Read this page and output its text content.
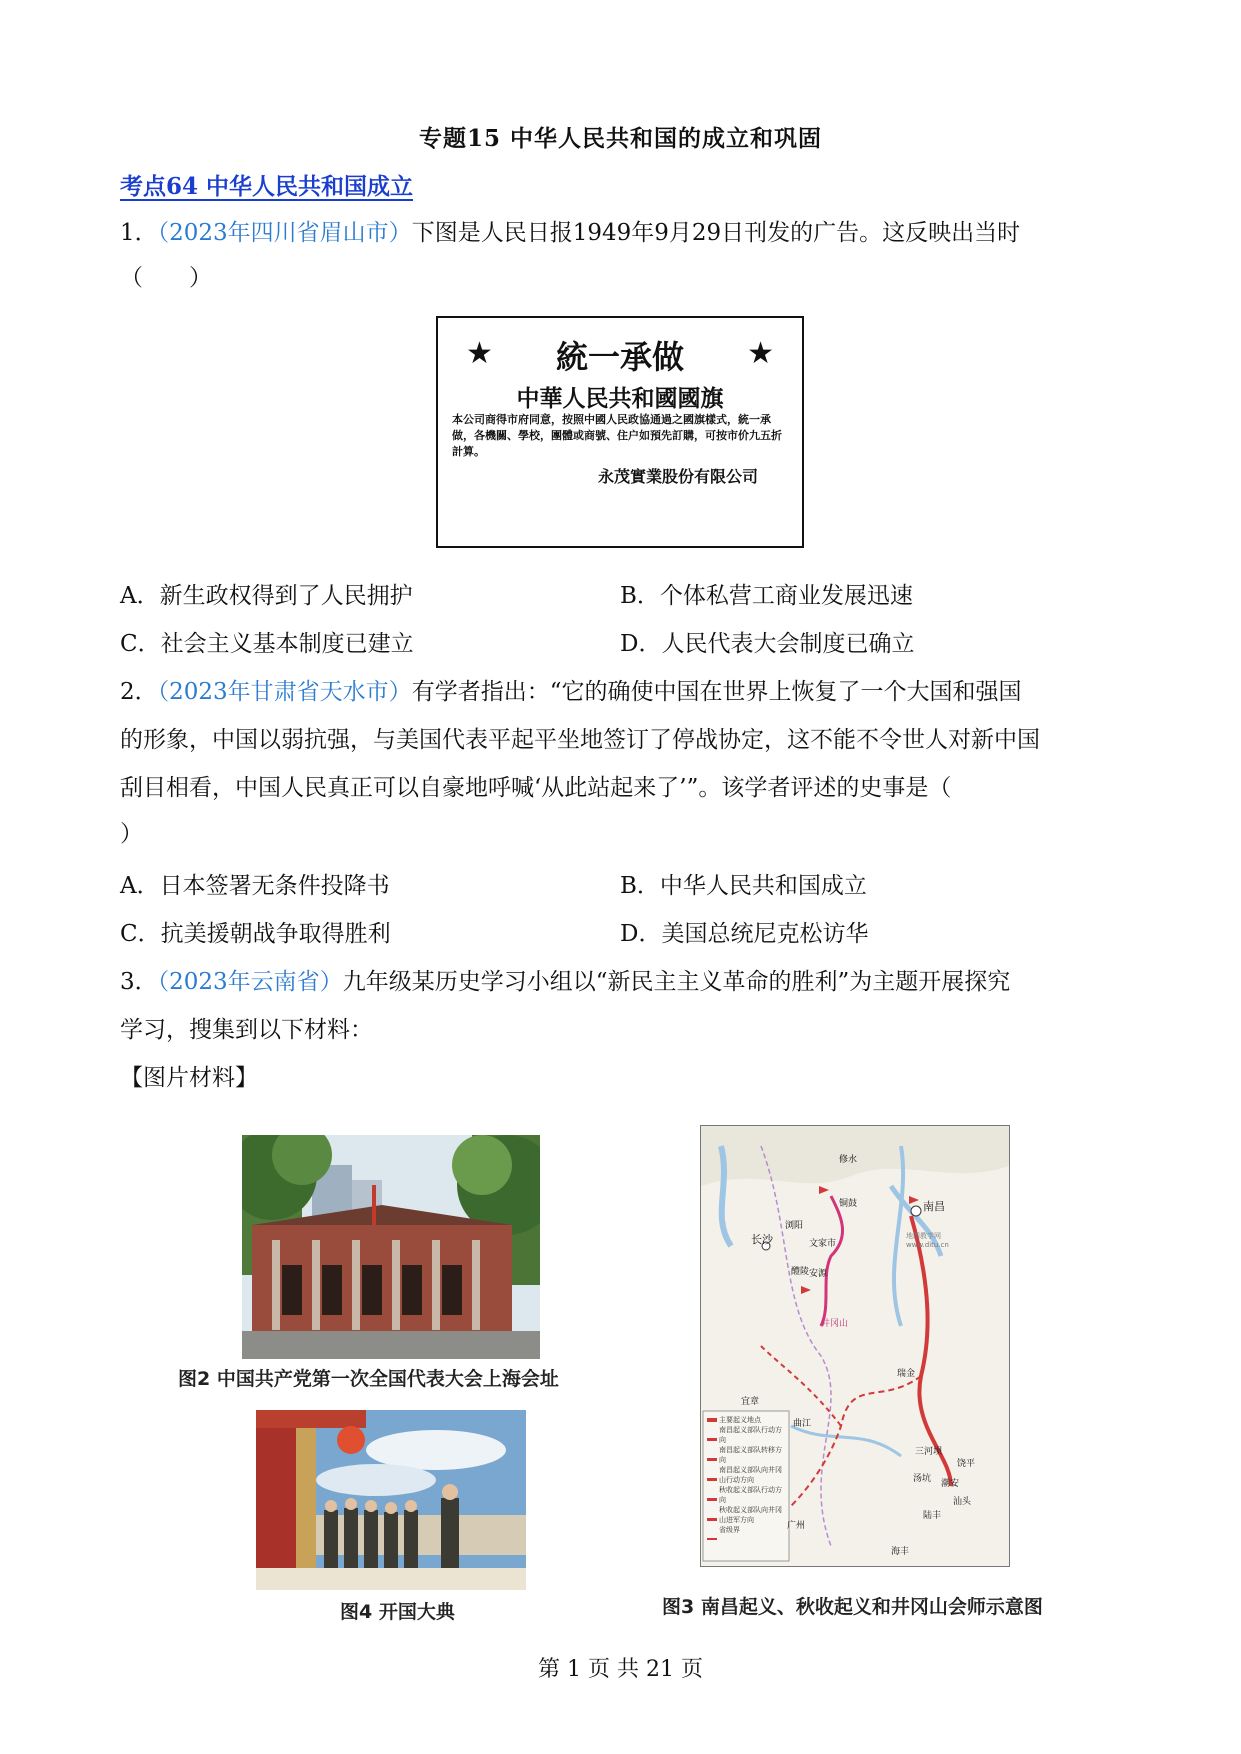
专题15 中华人民共和国的成立和巩固
考点64 中华人民共和国成立
1．（2023年四川省眉山市）下图是人民日报1949年9月29日刊发的广告。这反映出当时
（　　）
★	★
統一承做
中華人民共和國國旗
本公司商得市府同意，按照中國人民政協通過之國旗樣式，統一承做，各機關、學校，團體或商號、住户如預先訂購，可按市价九五折計算。
永茂實業股份有限公司
A．新生政权得到了人民拥护	B．个体私营工商业发展迅速
C．社会主义基本制度已建立	D．人民代表大会制度已确立
2．（2023年甘肃省天水市）有学者指出：“它的确使中国在世界上恢复了一个大国和强国
的形象，中国以弱抗强，与美国代表平起平坐地签订了停战协定，这不能不令世人对新中国
刮目相看，中国人民真正可以自豪地呼喊‘从此站起来了’”。该学者评述的史事是（
）
A．日本签署无条件投降书	B．中华人民共和国成立
C．抗美援朝战争取得胜利	D．美国总统尼克松访华
3．（2023年云南省）九年级某历史学习小组以“新民主主义革命的胜利”为主题开展探究
学习，搜集到以下材料：
【图片材料】
图2 中国共产党第一次全国代表大会上海会址
图4 开国大典
长沙
南昌
修水
铜鼓
浏阳
文家市
醴陵 安源
井冈山
瑞金
宜章
曲江
三河坝
饶平
潮安
汕头
汤坑
陆丰
海丰
广州
地图教学网 www.ditu.cn
主要起义地点
南昌起义部队行动方向
南昌起义部队转移方向
南昌起义部队向井冈山行动方向
秋收起义部队行动方向
秋收起义部队向井冈山进军方向
省级界
图3 南昌起义、秋收起义和井冈山会师示意图
第 1 页 共 21 页
